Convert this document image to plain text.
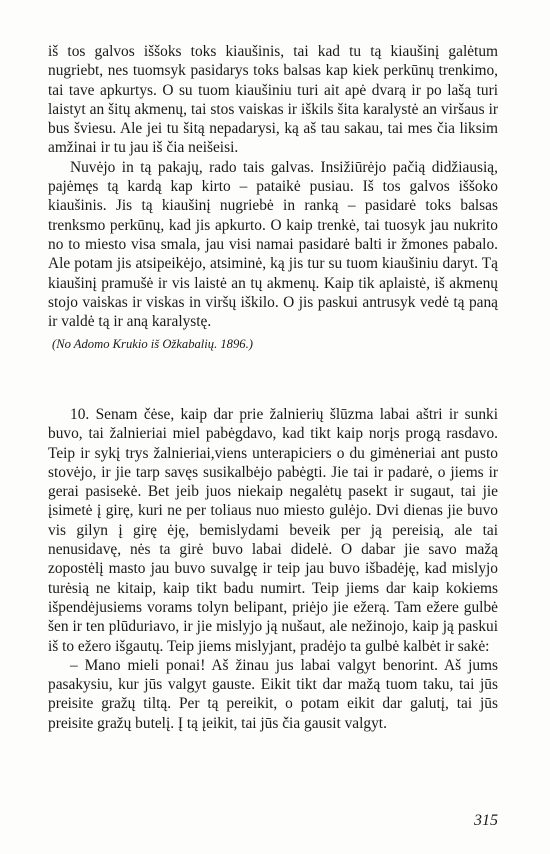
iš tos galvos iššoks toks kiaušinis, tai kad tu tą kiaušinį galėtum nugriebt, nes tuomsyk pasidarys toks balsas kap kiek perkūnų trenkimo, tai tave apkurtys. O su tuom kiaušiniu turi ait apė dvarą ir po lašą turi laistyt an šitų akmenų, tai stos vaiskas ir iškils šita karalystė an viršaus ir bus šviesu. Ale jei tu šitą nepadarysi, ką aš tau sakau, tai mes čia liksim amžinai ir tu jau iš čia neišeisi.

Nuvėjo in tą pakajų, rado tais galvas. Insižiūrėjo pačią didžiausią, pajėmęs tą kardą kap kirto – pataikė pusiau. Iš tos galvos iššoko kiaušinis. Jis tą kiaušinį nugriebė in ranką – pasidarė toks balsas trenksmo perkūnų, kad jis apkurto. O kaip trenkė, tai tuosyk jau nukrito no to miesto visa smala, jau visi namai pasidarė balti ir žmones pabalo. Ale potam jis atsipeikėjo, atsiminė, ką jis tur su tuom kiaušiniu daryt. Tą kiaušinį pramušė ir vis laistė an tų akmenų. Kaip tik aplaistė, iš akmenų stojo vaiskas ir viskas in viršų iškilo. O jis paskui antrusyk vedė tą paną ir valdė tą ir aną karalystę.

(No Adomo Krukio iš Ožkabalių. 1896.)

10. Senam čėse, kaip dar prie žalnierių šlūzma labai aštri ir sunki buvo, tai žalnieriai miel pabėgdavo, kad tikt kaip norįs progą rasdavo. Teip ir sykį trys žalnieriai,viens unterapiciers o du gimėneriai ant pusto stovėjo, ir jie tarp savęs susikalbėjo pabėgti. Jie tai ir padarė, o jiems ir gerai pasisekė. Bet jeib juos niekaip negalėtų pasekt ir sugaut, tai jie įsimetė į girę, kuri ne per toliaus nuo miesto gulėjo. Dvi dienas jie buvo vis gilyn į girę ėję, bemislydami beveik per ją pereisią, ale tai nenusidavę, nės ta girė buvo labai didelė. O dabar jie savo mažą zopostėlį masto jau buvo suvalgę ir teip jau buvo išbadėję, kad mislyjo turėsią ne kitaip, kaip tikt badu numirt. Teip jiems dar kaip kokiems išpendėjusiems vorams tolyn belipant, priėjo jie ežerą. Tam ežere gulbė šen ir ten plūduriavo, ir jie mislyjo ją nušaut, ale nežinojo, kaip ją paskui iš to ežero išgautų. Teip jiems mislyjant, pradėjo ta gulbė kalbėt ir sakė:

– Mano mieli ponai! Aš žinau jus labai valgyt benorint. Aš jums pasakysiu, kur jūs valgyt gauste. Eikit tikt dar mažą tuom taku, tai jūs preisite gražų tiltą. Per tą pereikit, o potam eikit dar galutį, tai jūs preisite gražų butelį. Į tą įeikit, tai jūs čia gausit valgyt.

315
